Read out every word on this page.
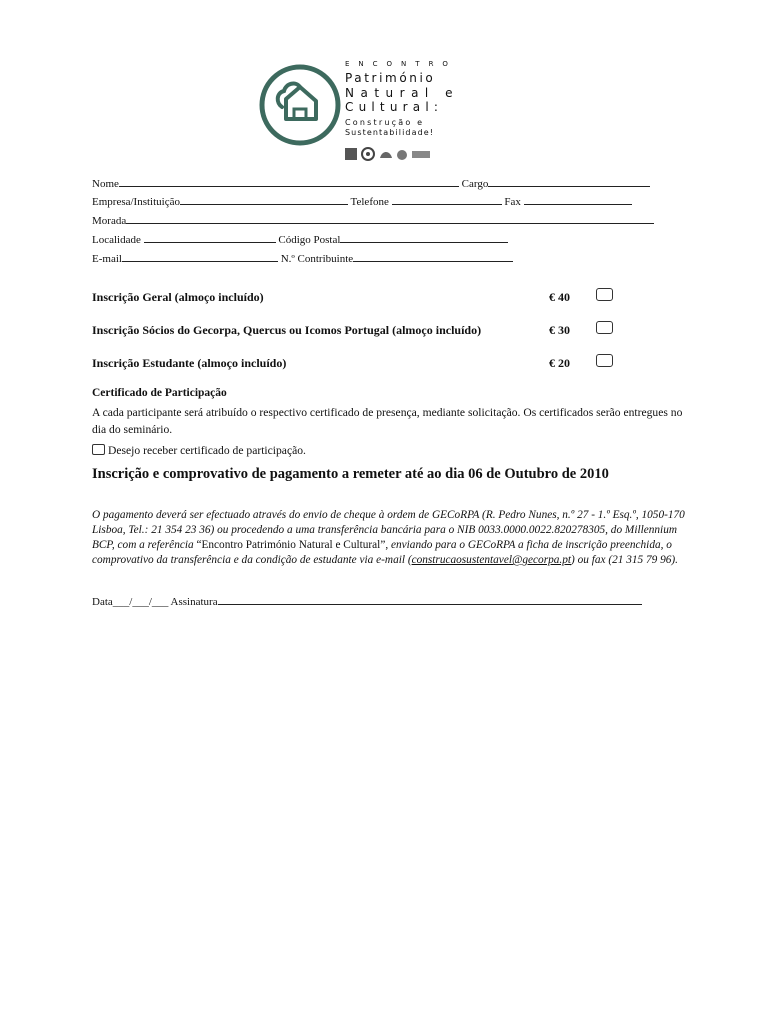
ENCONTRO
Património
Natural e
Cultural:
Construção e
Sustentabilidade!
Nome	Cargo
Empresa/Instituição	Telefone	Fax
Morada
Localidade	Código Postal
E-mail	N.º Contribuinte
Inscrição Geral (almoço incluído)	€ 40
Inscrição Sócios do Gecorpa, Quercus ou Icomos Portugal (almoço incluído)	€ 30
Inscrição Estudante (almoço incluído)	€ 20
Certificado de Participação
A cada participante será atribuído o respectivo certificado de presença, mediante solicitação. Os certificados serão entregues no dia do seminário.
Desejo receber certificado de participação.
Inscrição e comprovativo de pagamento a remeter até ao dia 06 de Outubro de 2010
O pagamento deverá ser efectuado através do envio de cheque à ordem de GECoRPA (R. Pedro Nunes, n.º 27 - 1.º Esq.º, 1050-170 Lisboa, Tel.: 21 354 23 36) ou procedendo a uma transferência bancária para o NIB 0033.0000.0022.820278305, do Millennium BCP, com a referência “Encontro Património Natural e Cultural”, enviando para o GECoRPA a ficha de inscrição preenchida, o comprovativo da transferência e da condição de estudante via e-mail (construcaosustentavel@gecorpa.pt) ou fax (21 315 79 96).
Data___/___/___ Assinatura
